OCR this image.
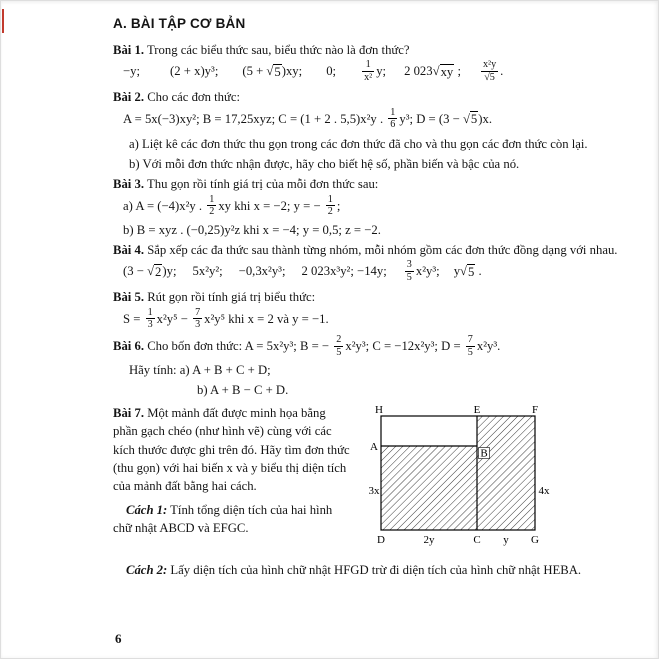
A. BÀI TẬP CƠ BẢN

Bài 1. Trong các biểu thức sau, biểu thức nào là đơn thức?

−y; (2 + x)y³; (5 + √5)xy; 0;	$\frac{1}{\text{x²}} y$; 2 023√xy ; $\frac{\text{x²y}}{√5}$ .

Bài 2. Cho các đơn thức:

A = 5x(−3)xy²; B = 17,25xyz; C = (1 + 2 . 5,5)x²y . $\frac{1}{6} y^3$; D = (3 − √5)x.

a) Liệt kê các đơn thức thu gọn trong các đơn thức đã cho và thu gọn các đơn thức còn lại.

b) Với mỗi đơn thức nhận được, hãy cho biết hệ số, phần biến và bậc của nó.

Bài 3. Thu gọn rồi tính giá trị của mỗi đơn thức sau:

a) A = (−4)x²y . $\frac{1}{2}$ xy khi x = −2; y = − $\frac{1}{2}$ ;

b) B = xyz . (−0,25)y²z khi x = −4; y = 0,5; z = −2.

Bài 4. Sắp xếp các đa thức sau thành từng nhóm, mỗi nhóm gồm các đơn thức đồng dạng với nhau.

(3 − √2)y; 5x²y²; −0,3x²y³; 2 023x³y²; −14y; $\frac{3}{5} x^2y^3$; y√5 .

Bài 5. Rút gọn rồi tính giá trị biểu thức:

$S = \frac{1}{3} x^2y^5 - \frac{7}{3} x^2y^5$ khi x = 2 và y = −1.

Bài 6. Cho bốn đơn thức: A = 5x²y³; B = − $\frac{2}{5} x^2y^3$; C = −12x²y³; $D = \frac{7}{5} x^2y^3$.

Hãy tính: a) A + B + C + D;

b) A + B − C + D.

Bài 7. Một mảnh đất được minh họa bằng phần gạch chéo (như hình vẽ) cùng với các kích thước được ghi trên đó. Hãy tìm đơn thức (thu gọn) với hai biến x và y biểu thị diện tích của mảnh đất bằng hai cách.

Cách 1: Tính tổng diện tích của hai hình chữ nhật ABCD và EFGC.

H	E	F
A
B
3x	4x
D	2y	C y G

Cách 2: Lấy diện tích của hình chữ nhật HFGD trừ đi diện tích của hình chữ nhật HEBA.

6
